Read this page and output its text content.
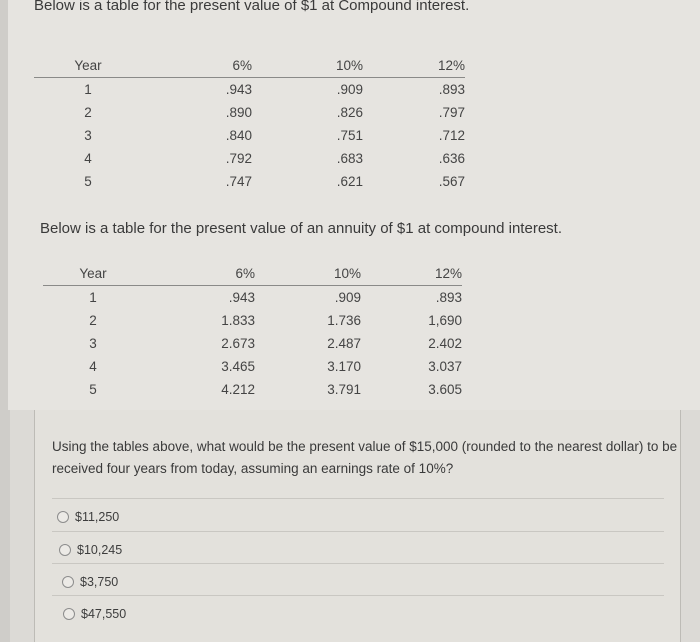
Below is a table for the present value of $1 at Compound interest.
Year	6%	10%	12%
1	.943	.909	.893
2	.890	.826	.797
3	.840	.751	.712
4	.792	.683	.636
5	.747	.621	.567
Below is a table for the present value of an annuity of $1 at compound interest.
Year	6%	10%	12%
1	.943	.909	.893
2	1.833	1.736	1,690
3	2.673	2.487	2.402
4	3.465	3.170	3.037
5	4.212	3.791	3.605
Using the tables above, what would be the present value of $15,000 (rounded to the nearest dollar) to be received four years from today, assuming an earnings rate of 10%?
$11,250
$10,245
$3,750
$47,550
